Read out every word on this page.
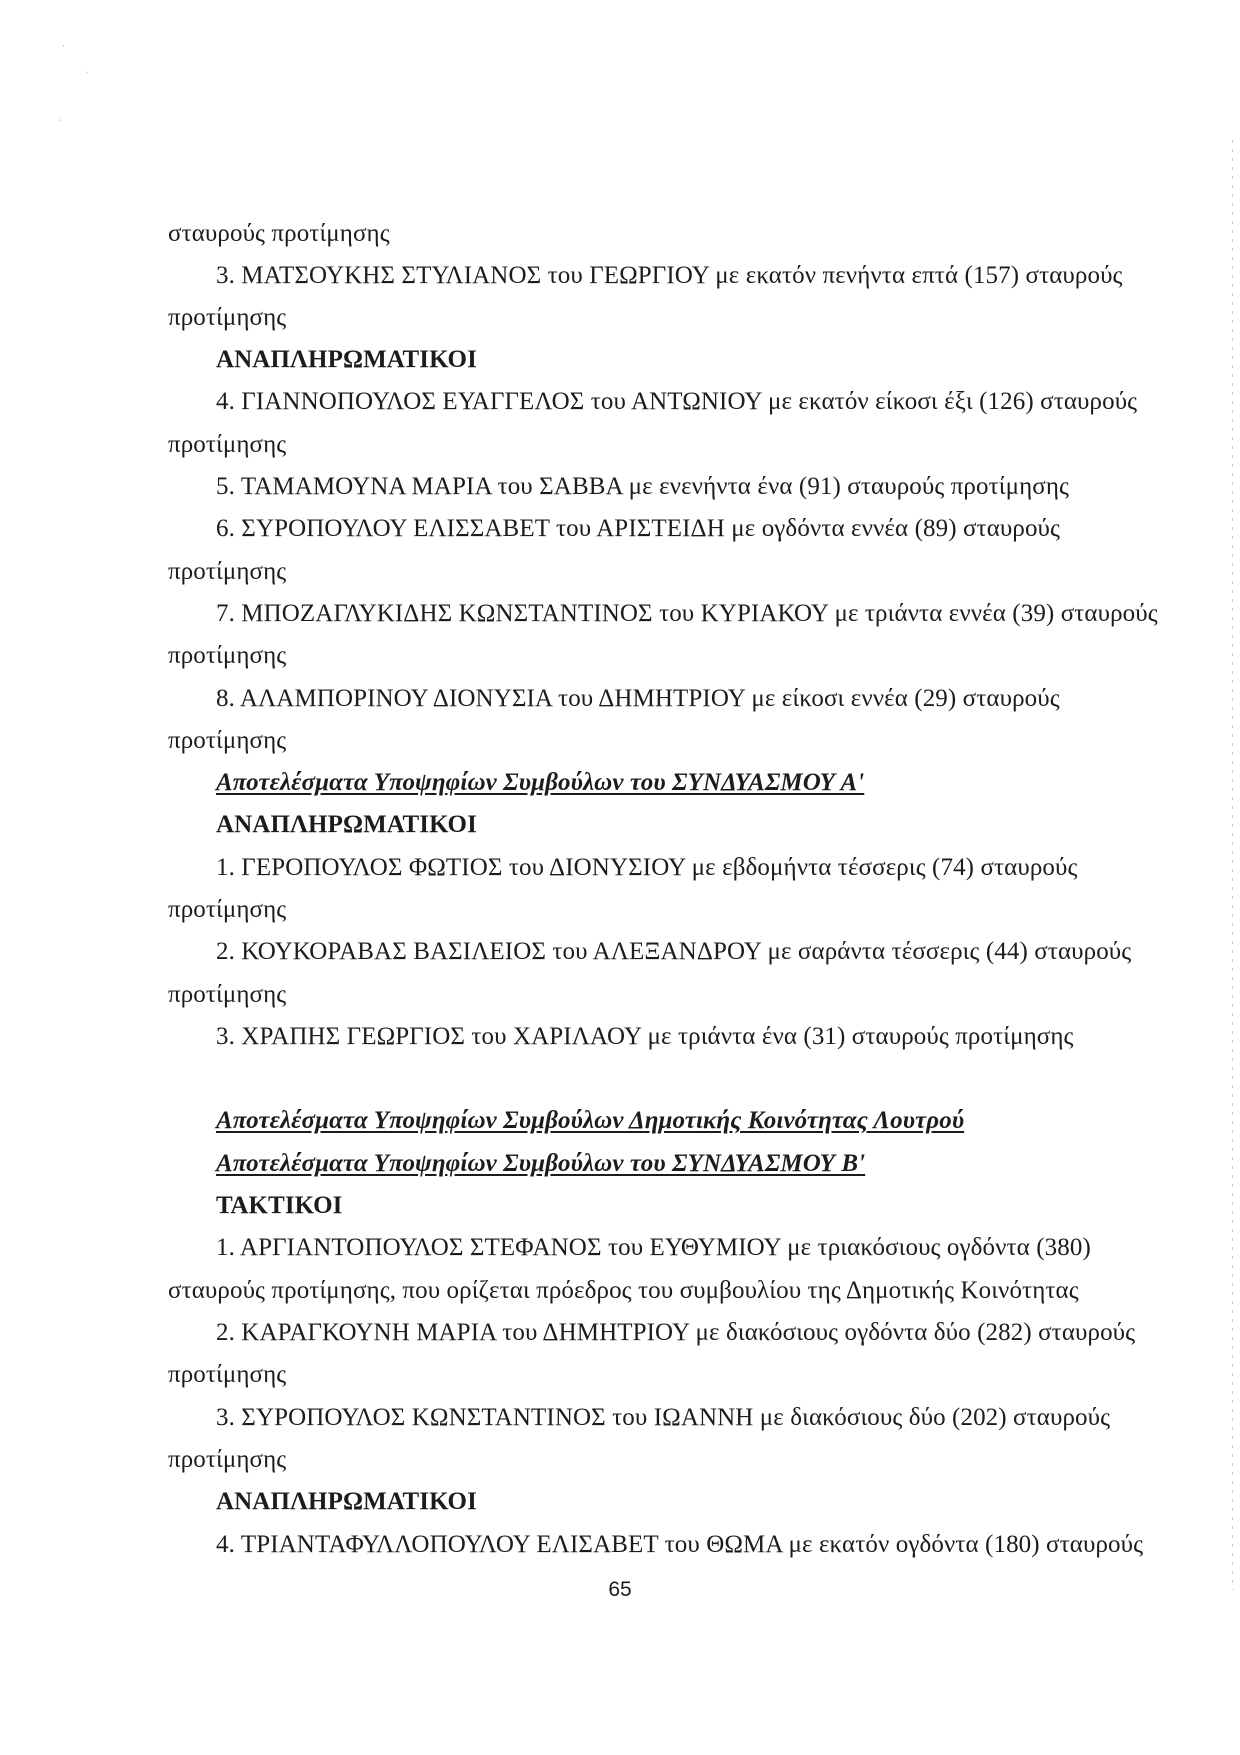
·
ˌ
ˎ
σταυρούς προτίμησης
3. ΜΑΤΣΟΥΚΗΣ ΣΤΥΛΙΑΝΟΣ του ΓΕΩΡΓΙΟΥ με εκατόν πενήντα επτά (157) σταυρούς
προτίμησης
ΑΝΑΠΛΗΡΩΜΑΤΙΚΟΙ
4. ΓΙΑΝΝΟΠΟΥΛΟΣ ΕΥΑΓΓΕΛΟΣ του ΑΝΤΩΝΙΟΥ με εκατόν είκοσι έξι (126) σταυρούς
προτίμησης
5. ΤΑΜΑΜΟΥΝΑ ΜΑΡΙΑ του ΣΑΒΒΑ με ενενήντα ένα (91) σταυρούς προτίμησης
6. ΣΥΡΟΠΟΥΛΟΥ ΕΛΙΣΣΑΒΕΤ του ΑΡΙΣΤΕΙΔΗ με ογδόντα εννέα (89) σταυρούς
προτίμησης
7. ΜΠΟΖΑΓΛΥΚΙΔΗΣ ΚΩΝΣΤΑΝΤΙΝΟΣ του ΚΥΡΙΑΚΟΥ με τριάντα εννέα (39) σταυρούς
προτίμησης
8. ΑΛΑΜΠΟΡΙΝΟΥ ΔΙΟΝΥΣΙΑ του ΔΗΜΗΤΡΙΟΥ με είκοσι εννέα (29) σταυρούς
προτίμησης
Αποτελέσματα Υποψηφίων Συμβούλων του ΣΥΝΔΥΑΣΜΟΥ Α'
ΑΝΑΠΛΗΡΩΜΑΤΙΚΟΙ
1. ΓΕΡΟΠΟΥΛΟΣ ΦΩΤΙΟΣ του ΔΙΟΝΥΣΙΟΥ με εβδομήντα τέσσερις (74) σταυρούς
προτίμησης
2. ΚΟΥΚΟΡΑΒΑΣ ΒΑΣΙΛΕΙΟΣ του ΑΛΕΞΑΝΔΡΟΥ με σαράντα τέσσερις (44) σταυρούς
προτίμησης
3. ΧΡΑΠΗΣ ΓΕΩΡΓΙΟΣ του ΧΑΡΙΛΑΟΥ με τριάντα ένα (31) σταυρούς προτίμησης
Αποτελέσματα Υποψηφίων Συμβούλων Δημοτικής Κοινότητας Λουτρού
Αποτελέσματα Υποψηφίων Συμβούλων του ΣΥΝΔΥΑΣΜΟΥ Β'
ΤΑΚΤΙΚΟΙ
1. ΑΡΓΙΑΝΤΟΠΟΥΛΟΣ ΣΤΕΦΑΝΟΣ του ΕΥΘΥΜΙΟΥ με τριακόσιους ογδόντα (380)
σταυρούς προτίμησης, που ορίζεται πρόεδρος του συμβουλίου της Δημοτικής Κοινότητας
2. ΚΑΡΑΓΚΟΥΝΗ ΜΑΡΙΑ του ΔΗΜΗΤΡΙΟΥ με διακόσιους ογδόντα δύο (282) σταυρούς
προτίμησης
3. ΣΥΡΟΠΟΥΛΟΣ ΚΩΝΣΤΑΝΤΙΝΟΣ του ΙΩΑΝΝΗ με διακόσιους δύο (202) σταυρούς
προτίμησης
ΑΝΑΠΛΗΡΩΜΑΤΙΚΟΙ
4. ΤΡΙΑΝΤΑΦΥΛΛΟΠΟΥΛΟΥ ΕΛΙΣΑΒΕΤ του ΘΩΜΑ με εκατόν ογδόντα (180) σταυρούς
65
